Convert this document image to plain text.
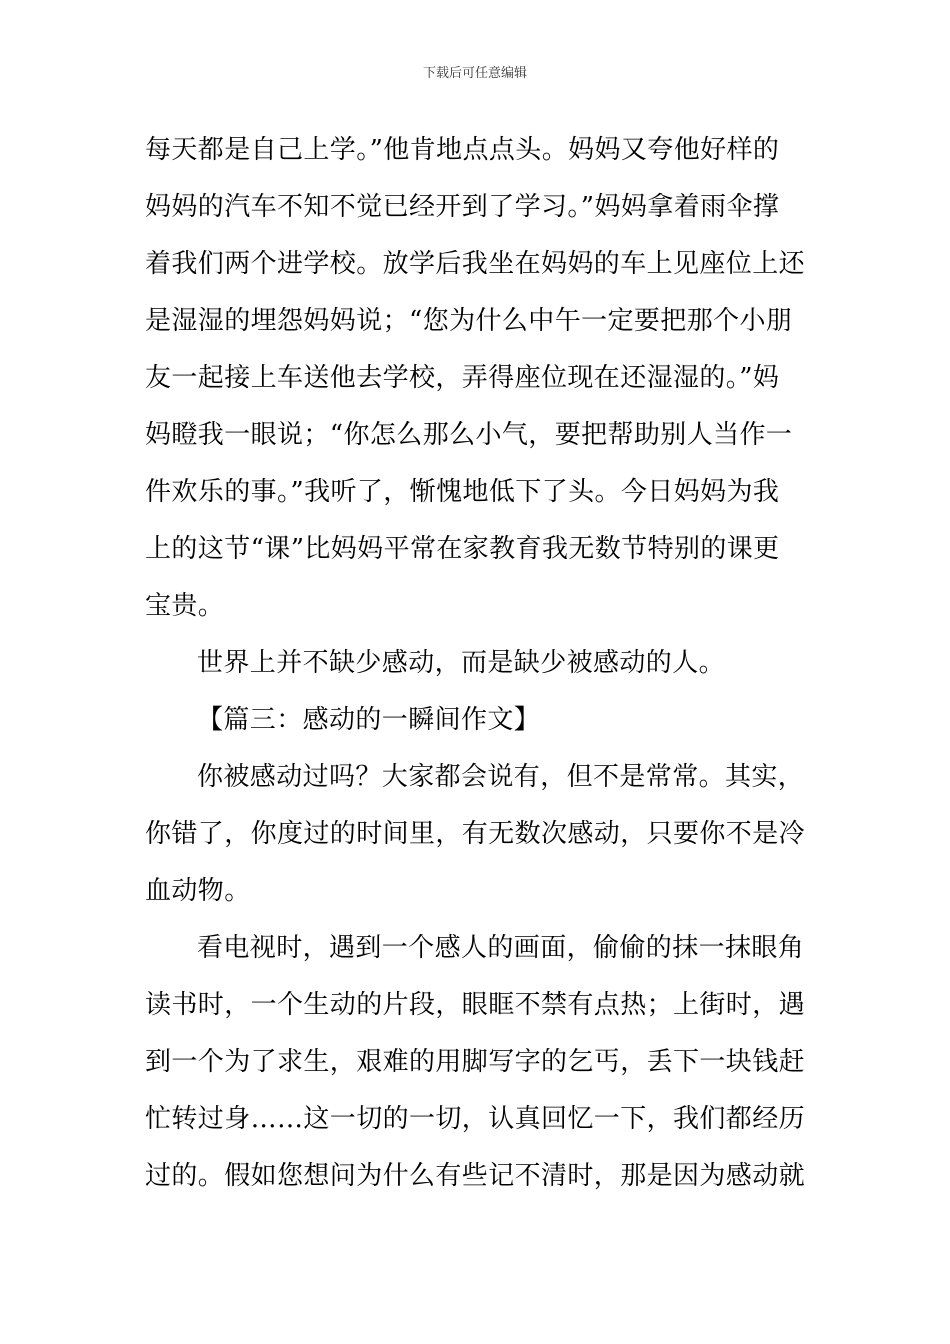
下载后可任意编辑
每天都是自己上学。”他肯地点点头。妈妈又夸他好样的
妈妈的汽车不知不觉已经开到了学习。”妈妈拿着雨伞撑
着我们两个进学校。放学后我坐在妈妈的车上见座位上还
是湿湿的埋怨妈妈说；“您为什么中午一定要把那个小朋
友一起接上车送他去学校，弄得座位现在还湿湿的。”妈
妈瞪我一眼说；“你怎么那么小气，要把帮助别人当作一
件欢乐的事。”我听了，惭愧地低下了头。今日妈妈为我
上的这节“课”比妈妈平常在家教育我无数节特别的课更
宝贵。
世界上并不缺少感动，而是缺少被感动的人。
【篇三：感动的一瞬间作文】
你被感动过吗？大家都会说有，但不是常常。其实，
你错了，你度过的时间里，有无数次感动，只要你不是冷
血动物。
看电视时，遇到一个感人的画面，偷偷的抹一抹眼角
读书时，一个生动的片段，眼眶不禁有点热；上街时，遇
到一个为了求生，艰难的用脚写字的乞丐，丢下一块钱赶
忙转过身……这一切的一切，认真回忆一下，我们都经历
过的。假如您想问为什么有些记不清时，那是因为感动就
